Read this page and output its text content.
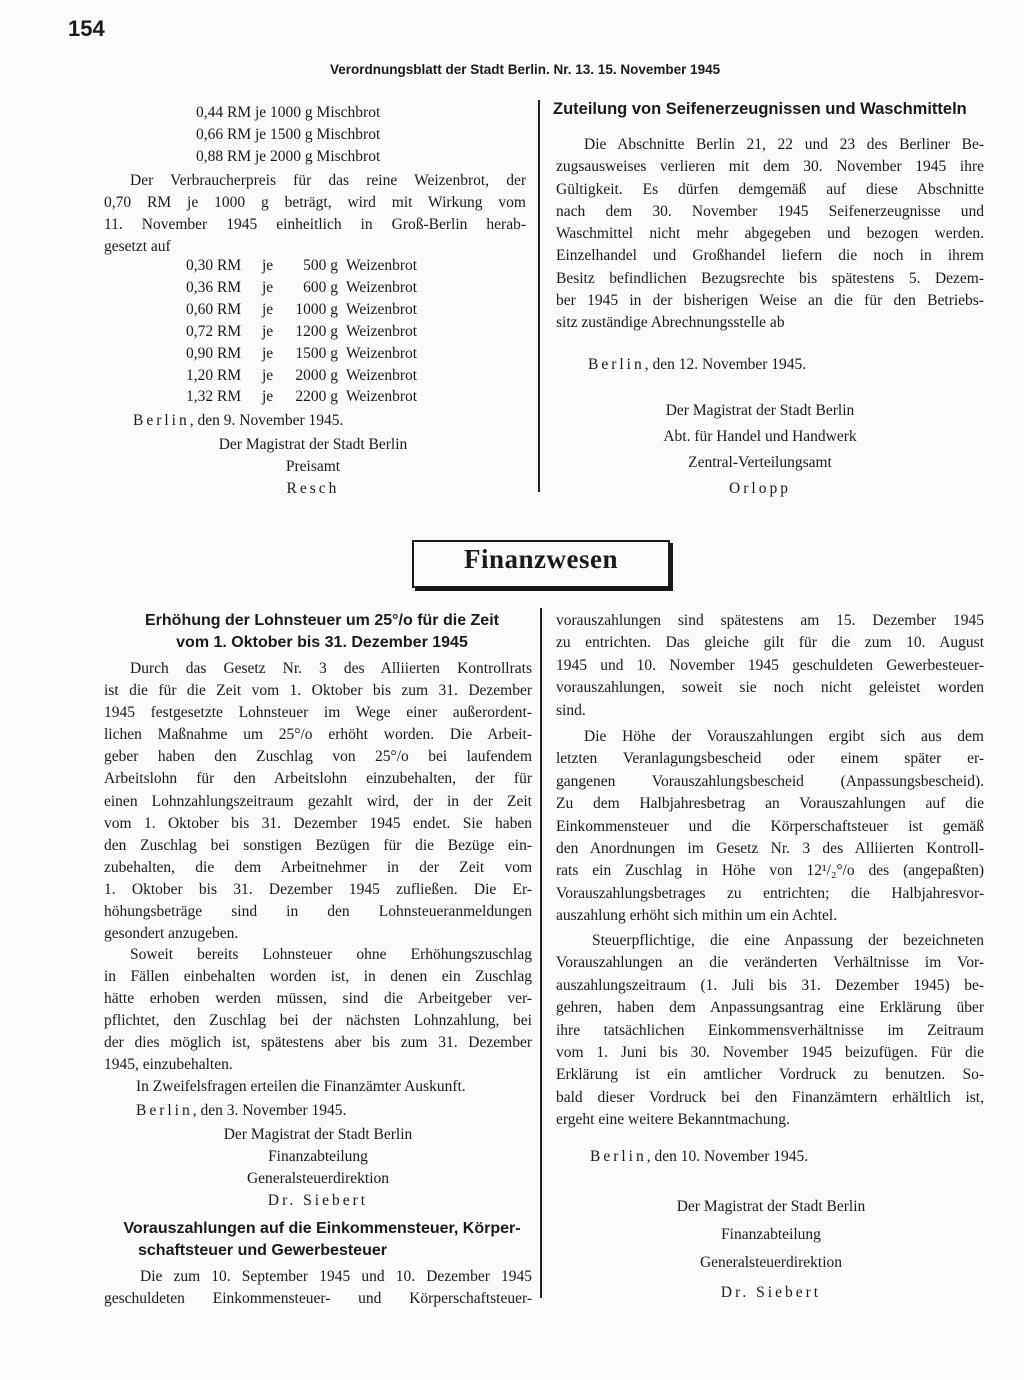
154
Verordnungsblatt der Stadt Berlin. Nr. 13. 15. November 1945
0,44 RM je 1000 g Mischbrot
0,66 RM je 1500 g Mischbrot
0,88 RM je 2000 g Mischbrot
Der Verbraucherpreis für das reine Weizenbrot, der
0,70 RM je 1000 g beträgt, wird mit Wirkung vom
11. November 1945 einheitlich in Groß-Berlin herab-
gesetzt auf
0,30 RM	je	500 g Weizenbrot
0,36 RM	je	600 g Weizenbrot
0,60 RM	je	1000 g Weizenbrot
0,72 RM	je	1200 g Weizenbrot
0,90 RM	je	1500 g Weizenbrot
1,20 RM	je	2000 g Weizenbrot
1,32 RM	je	2200 g Weizenbrot
Berlin, den 9. November 1945.
Der Magistrat der Stadt Berlin
Preisamt
Resch
Zuteilung von Seifenerzeugnissen und Waschmitteln
Die Abschnitte Berlin 21, 22 und 23 des Berliner Be-
zugsausweises verlieren mit dem 30. November 1945 ihre
Gültigkeit. Es dürfen demgemäß auf diese Abschnitte
nach dem 30. November 1945 Seifenerzeugnisse und
Waschmittel nicht mehr abgegeben und bezogen werden.
Einzelhandel und Großhandel liefern die noch in ihrem
Besitz befindlichen Bezugsrechte bis spätestens 5. Dezem-
ber 1945 in der bisherigen Weise an die für den Betriebs-
sitz zuständige Abrechnungsstelle ab
Berlin, den 12. November 1945.
Der Magistrat der Stadt Berlin
Abt. für Handel und Handwerk
Zentral-Verteilungsamt
Orlopp
Finanzwesen
Erhöhung der Lohnsteuer um 25°/o für die Zeit
vom 1. Oktober bis 31. Dezember 1945
Durch das Gesetz Nr. 3 des Alliierten Kontrollrats
ist die für die Zeit vom 1. Oktober bis zum 31. Dezember
1945 festgesetzte Lohnsteuer im Wege einer außerordent-
lichen Maßnahme um 25°/o erhöht worden. Die Arbeit-
geber haben den Zuschlag von 25°/o bei laufendem
Arbeitslohn für den Arbeitslohn einzubehalten, der für
einen Lohnzahlungszeitraum gezahlt wird, der in der Zeit
vom 1. Oktober bis 31. Dezember 1945 endet. Sie haben
den Zuschlag bei sonstigen Bezügen für die Bezüge ein-
zubehalten, die dem Arbeitnehmer in der Zeit vom
1. Oktober bis 31. Dezember 1945 zufließen. Die Er-
höhungsbeträge sind in den Lohnsteueranmeldungen
gesondert anzugeben.
Soweit bereits Lohnsteuer ohne Erhöhungszuschlag
in Fällen einbehalten worden ist, in denen ein Zuschlag
hätte erhoben werden müssen, sind die Arbeitgeber ver-
pflichtet, den Zuschlag bei der nächsten Lohnzahlung, bei
der dies möglich ist, spätestens aber bis zum 31. Dezember
1945, einzubehalten.
In Zweifelsfragen erteilen die Finanzämter Auskunft.
Berlin, den 3. November 1945.
Der Magistrat der Stadt Berlin
Finanzabteilung
Generalsteuerdirektion
Dr. Siebert
Vorauszahlungen auf die Einkommensteuer, Körper-
schaftsteuer und Gewerbesteuer
Die zum 10. September 1945 und 10. Dezember 1945
geschuldeten Einkommensteuer- und Körperschaftsteuer-
vorauszahlungen sind spätestens am 15. Dezember 1945
zu entrichten. Das gleiche gilt für die zum 10. August
1945 und 10. November 1945 geschuldeten Gewerbesteuer-
vorauszahlungen, soweit sie noch nicht geleistet worden
sind.
Die Höhe der Vorauszahlungen ergibt sich aus dem
letzten Veranlagungsbescheid oder einem später er-
gangenen Vorauszahlungsbescheid (Anpassungsbescheid).
Zu dem Halbjahresbetrag an Vorauszahlungen auf die
Einkommensteuer und die Körperschaftsteuer ist gemäß
den Anordnungen im Gesetz Nr. 3 des Alliierten Kontroll-
rats ein Zuschlag in Höhe von 12¹/₂°/o des (angepaßten)
Vorauszahlungsbetrages zu entrichten; die Halbjahresvor-
auszahlung erhöht sich mithin um ein Achtel.
Steuerpflichtige, die eine Anpassung der bezeichneten
Vorauszahlungen an die veränderten Verhältnisse im Vor-
auszahlungszeitraum (1. Juli bis 31. Dezember 1945) be-
gehren, haben dem Anpassungsantrag eine Erklärung über
ihre tatsächlichen Einkommensverhältnisse im Zeitraum
vom 1. Juni bis 30. November 1945 beizufügen. Für die
Erklärung ist ein amtlicher Vordruck zu benutzen. So-
bald dieser Vordruck bei den Finanzämtern erhältlich ist,
ergeht eine weitere Bekanntmachung.
Berlin, den 10. November 1945.
Der Magistrat der Stadt Berlin
Finanzabteilung
Generalsteuerdirektion
Dr. Siebert
